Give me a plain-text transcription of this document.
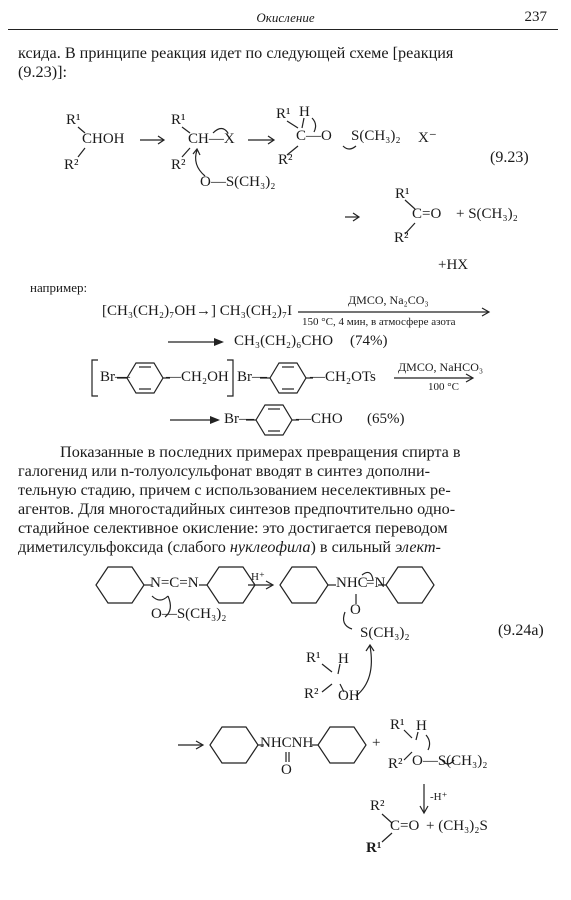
Окисление	237
ксида. В принципе реакция идет по следующей схеме [реакция
(9.23)]:
R¹
CHOH
R²
R¹
CH—X
R²
O—S(CH₃)₂
R¹ H
C—O S(CH₃)₂
R²
X⁻
(9.23)
R¹
C=O + S(CH₃)₂
R²
+HX
например:
[CH₃(CH₂)₇OH→] CH₃(CH₂)₇I
ДМСО, Na₂CO₃
150 °C, 4 мин, в атмосфере азота
CH₃(CH₂)₆CHO (74%)
Br— —CH₂OH Br—	—CH₂OTs
ДМСО, NaHCO₃
100 °C
Br—	—CHO (65%)
Показанные в последних примерах превращения спирта в
галогенид или n-толуолсульфонат вводят в синтез дополни-
тельную стадию, причем с использованием неселективных ре-
агентов. Для многостадийных синтезов предпочтительно одно-
стадийное селективное окисление: это достигается переводом
диметилсульфоксида (слабого нуклеофила) в сильный элект-
N=C=N
O—S(CH₃)₂
H⁺	NHC
=N
O
S(CH₃)₂	(9.24a)
R¹ H
R² OH
NHCNH
O
+
R¹ H
R² O—S(CH₃)₂
-H⁺
R²
C=O + (CH₃)₂S
R¹
